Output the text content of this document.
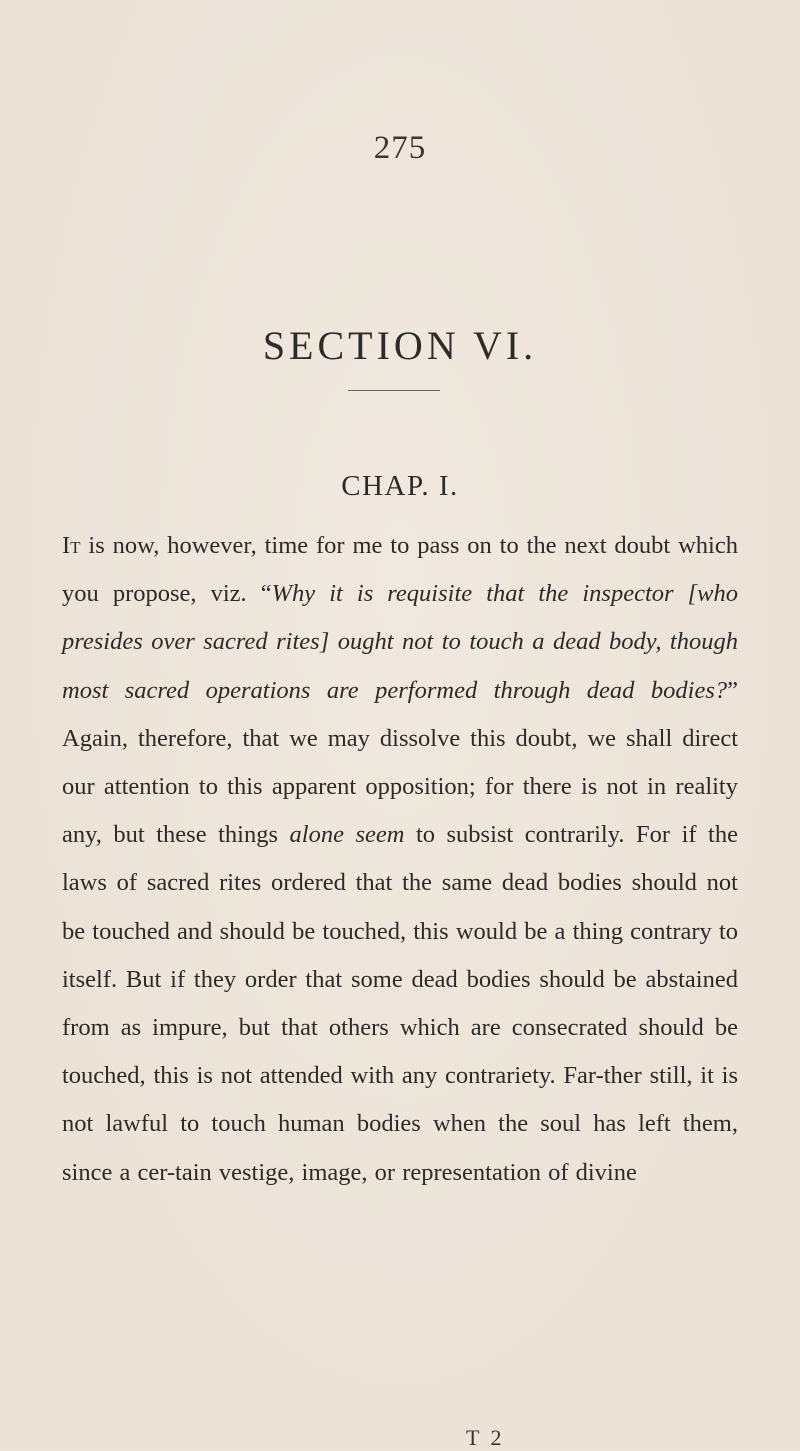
275
SECTION VI.
CHAP. I.
It is now, however, time for me to pass on to the next doubt which you propose, viz. “Why it is requisite that the inspector [who presides over sacred rites] ought not to touch a dead body, though most sacred operations are performed through dead bodies?” Again, therefore, that we may dissolve this doubt, we shall direct our attention to this apparent opposition; for there is not in reality any, but these things alone seem to subsist contrarily. For if the laws of sacred rites ordered that the same dead bodies should not be touched and should be touched, this would be a thing contrary to itself. But if they order that some dead bodies should be abstained from as impure, but that others which are consecrated should be touched, this is not attended with any contrariety. Far-ther still, it is not lawful to touch human bodies when the soul has left them, since a cer-tain vestige, image, or representation of divine
T 2
